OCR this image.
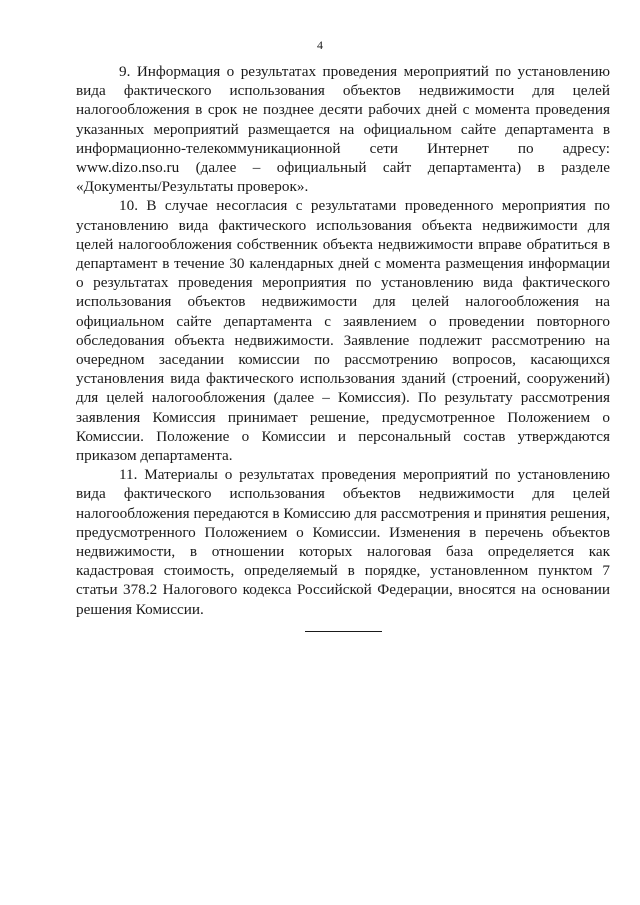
4

9. Информация о результатах проведения мероприятий по установлению вида фактического использования объектов недвижимости для целей налогообложения в срок не позднее десяти рабочих дней с момента проведения указанных мероприятий размещается на официальном сайте департамента в информационно-телекоммуникационной сети Интернет по адресу: www.dizo.nso.ru (далее – официальный сайт департамента) в разделе «Документы/Результаты проверок».

10. В случае несогласия с результатами проведенного мероприятия по установлению вида фактического использования объекта недвижимости для целей налогообложения собственник объекта недвижимости вправе обратиться в департамент в течение 30 календарных дней с момента размещения информации о результатах проведения мероприятия по установлению вида фактического использования объектов недвижимости для целей налогообложения на официальном сайте департамента с заявлением о проведении повторного обследования объекта недвижимости. Заявление подлежит рассмотрению на очередном заседании комиссии по рассмотрению вопросов, касающихся установления вида фактического использования зданий (строений, сооружений) для целей налогообложения (далее – Комиссия). По результату рассмотрения заявления Комиссия принимает решение, предусмотренное Положением о Комиссии. Положение о Комиссии и персональный состав утверждаются приказом департамента.

11. Материалы о результатах проведения мероприятий по установлению вида фактического использования объектов недвижимости для целей налогообложения передаются в Комиссию для рассмотрения и принятия решения, предусмотренного Положением о Комиссии. Изменения в перечень объектов недвижимости, в отношении которых налоговая база определяется как кадастровая стоимость, определяемый в порядке, установленном пунктом 7 статьи 378.2 Налогового кодекса Российской Федерации, вносятся на основании решения Комиссии.
